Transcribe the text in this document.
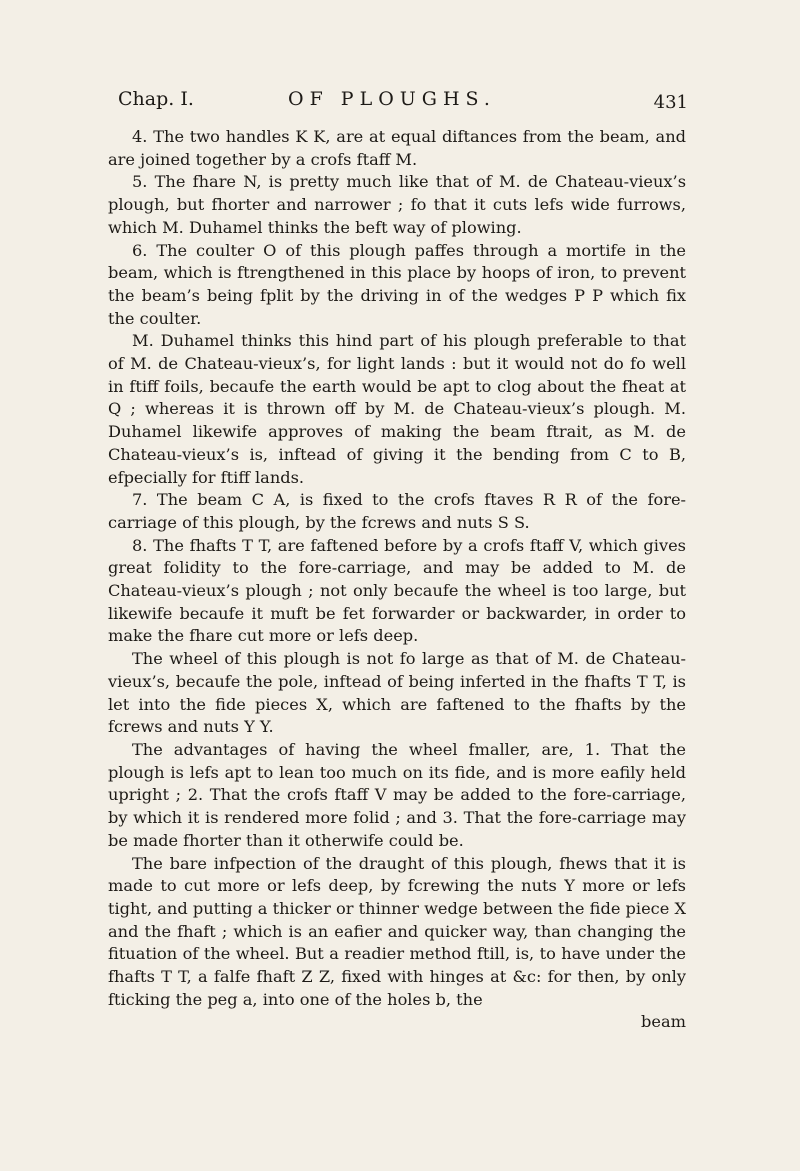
Chap. I.	OF PLOUGHS.	431

4. The two handles K K, are at equal diftances from the beam, and are joined together by a crofs ftaff M.

5. The fhare N, is pretty much like that of M. de Chateau-vieux’s plough, but fhorter and narrower ; fo that it cuts lefs wide furrows, which M. Duhamel thinks the beft way of plowing.

6. The coulter O of this plough paffes through a mortife in the beam, which is ftrengthened in this place by hoops of iron, to prevent the beam’s being fplit by the driving in of the wedges P P which fix the coulter.

M. Duhamel thinks this hind part of his plough preferable to that of M. de Chateau-vieux’s, for light lands : but it would not do fo well in ftiff foils, becaufe the earth would be apt to clog about the fheat at Q ; whereas it is thrown off by M. de Chateau-vieux’s plough. M. Duhamel likewife approves of making the beam ftrait, as M. de Chateau-vieux’s is, inftead of giving it the bending from C to B, efpecially for ftiff lands.

7. The beam C A, is fixed to the crofs ftaves R R of the fore-carriage of this plough, by the fcrews and nuts S S.

8. The fhafts T T, are faftened before by a crofs ftaff V, which gives great folidity to the fore-carriage, and may be added to M. de Chateau-vieux’s plough ; not only becaufe the wheel is too large, but likewife becaufe it muft be fet forwarder or backwarder, in order to make the fhare cut more or lefs deep.

The wheel of this plough is not fo large as that of M. de Chateau-vieux’s, becaufe the pole, inftead of being inferted in the fhafts T T, is let into the fide pieces X, which are faftened to the fhafts by the fcrews and nuts Y Y.

The advantages of having the wheel fmaller, are, 1. That the plough is lefs apt to lean too much on its fide, and is more eafily held upright ; 2. That the crofs ftaff V may be added to the fore-carriage, by which it is rendered more folid ; and 3. That the fore-carriage may be made fhorter than it otherwife could be.

The bare infpection of the draught of this plough, fhews that it is made to cut more or lefs deep, by fcrewing the nuts Y more or lefs tight, and putting a thicker or thinner wedge between the fide piece X and the fhaft ; which is an eafier and quicker way, than changing the fituation of the wheel. But a readier method ftill, is, to have under the fhafts T T, a falfe fhaft Z Z, fixed with hinges at &c: for then, by only fticking the peg a, into one of the holes b, the

beam
